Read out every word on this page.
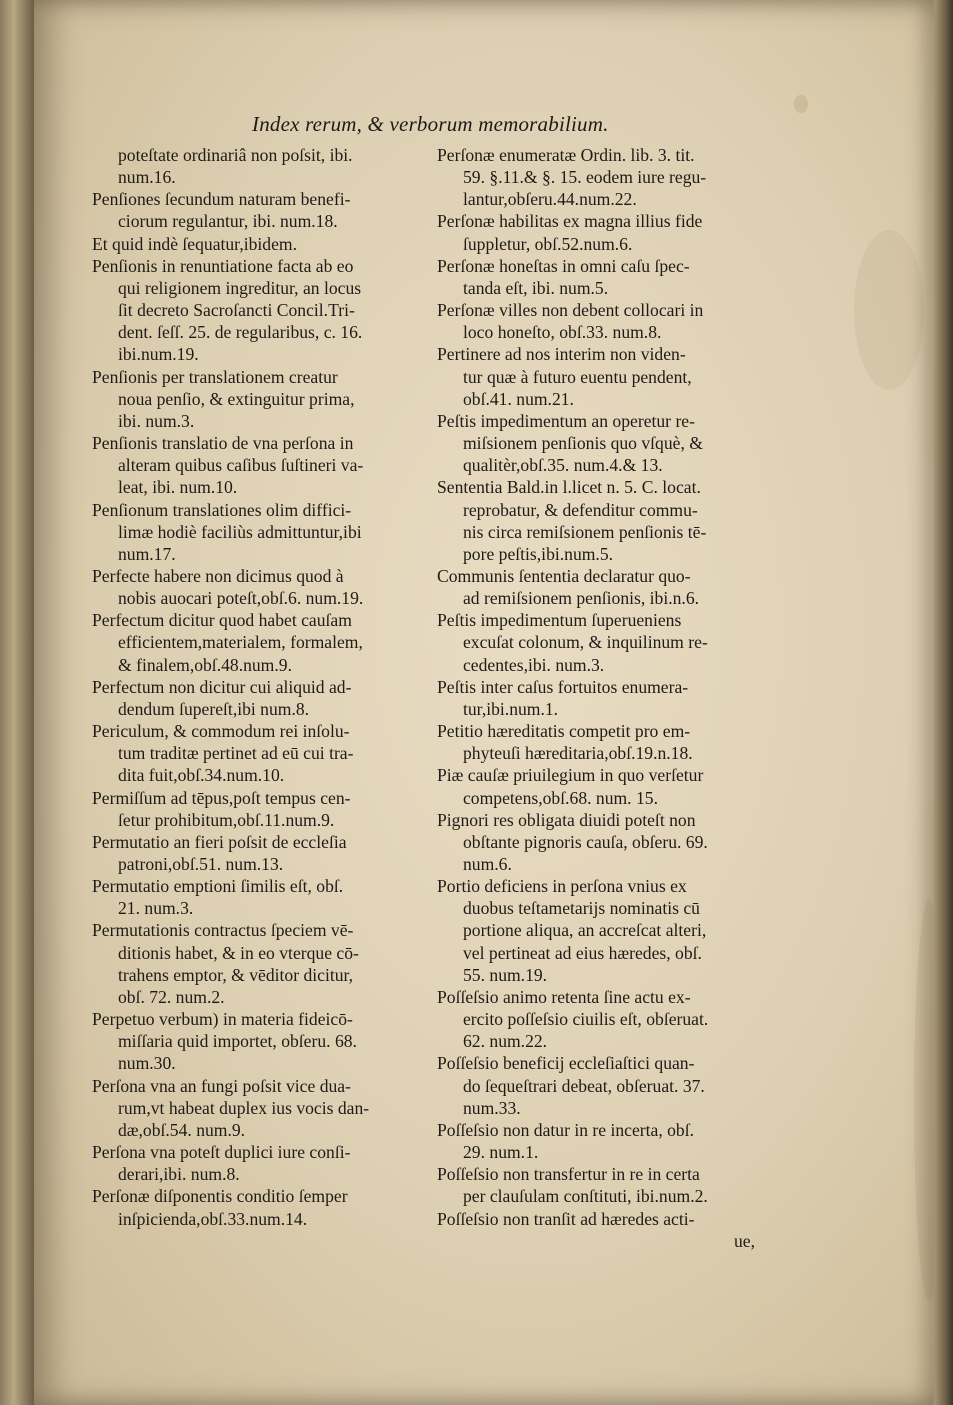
Index rerum, & verborum memorabilium.
poteſtate ordinariâ non poſsit, ibi.
num.16.
Penſiones ſecundum naturam benefi-
ciorum regulantur, ibi. num.18.
Et quid indè ſequatur,ibidem.
Penſionis in renuntiatione facta ab eo
qui religionem ingreditur, an locus
ſit decreto Sacroſancti Concil.Tri-
dent. ſeſſ. 25. de regularibus, c. 16.
ibi.num.19.
Penſionis per translationem creatur
noua penſio, & extinguitur prima,
ibi. num.3.
Penſionis translatio de vna perſona in
alteram quibus caſibus ſuſtineri va-
leat, ibi. num.10.
Penſionum translationes olim diffici-
limæ hodiè faciliùs admittuntur,ibi
num.17.
Perfecte habere non dicimus quod à
nobis auocari poteſt,obſ.6. num.19.
Perfectum dicitur quod habet cauſam
efficientem,materialem, formalem,
& finalem,obſ.48.num.9.
Perfectum non dicitur cui aliquid ad-
dendum ſupereſt,ibi num.8.
Periculum, & commodum rei inſolu-
tum traditæ pertinet ad eū cui tra-
dita fuit,obſ.34.num.10.
Permiſſum ad tēpus,poſt tempus cen-
ſetur prohibitum,obſ.11.num.9.
Permutatio an fieri poſsit de eccleſia
patroni,obſ.51. num.13.
Permutatio emptioni ſimilis eſt, obſ.
21. num.3.
Permutationis contractus ſpeciem vē-
ditionis habet, & in eo vterque cō-
trahens emptor, & vēditor dicitur,
obſ. 72. num.2.
Perpetuo verbum) in materia fideicō-
miſſaria quid importet, obſeru. 68.
num.30.
Perſona vna an fungi poſsit vice dua-
rum,vt habeat duplex ius vocis dan-
dæ,obſ.54. num.9.
Perſona vna poteſt duplici iure conſi-
derari,ibi. num.8.
Perſonæ diſponentis conditio ſemper
inſpicienda,obſ.33.num.14.
Perſonæ enumeratæ Ordin. lib. 3. tit.
59. §.11.& §. 15. eodem iure regu-
lantur,obſeru.44.num.22.
Perſonæ habilitas ex magna illius fide
ſuppletur, obſ.52.num.6.
Perſonæ honeſtas in omni caſu ſpec-
tanda eſt, ibi. num.5.
Perſonæ villes non debent collocari in
loco honeſto, obſ.33. num.8.
Pertinere ad nos interim non viden-
tur quæ à futuro euentu pendent,
obſ.41. num.21.
Peſtis impedimentum an operetur re-
miſsionem penſionis quo vſquè, &
qualitèr,obſ.35. num.4.& 13.
Sententia Bald.in l.licet n. 5. C. locat.
reprobatur, & defenditur commu-
nis circa remiſsionem penſionis tē-
pore peſtis,ibi.num.5.
Communis ſententia declaratur quo-
ad remiſsionem penſionis, ibi.n.6.
Peſtis impedimentum ſuperueniens
excuſat colonum, & inquilinum re-
cedentes,ibi. num.3.
Peſtis inter caſus fortuitos enumera-
tur,ibi.num.1.
Petitio hæreditatis competit pro em-
phyteuſi hæreditaria,obſ.19.n.18.
Piæ cauſæ priuilegium in quo verſetur
competens,obſ.68. num. 15.
Pignori res obligata diuidi poteſt non
obſtante pignoris cauſa, obſeru. 69.
num.6.
Portio deficiens in perſona vnius ex
duobus teſtametarijs nominatis cū
portione aliqua, an accreſcat alteri,
vel pertineat ad eius hæredes, obſ.
55. num.19.
Poſſeſsio animo retenta ſine actu ex-
ercito poſſeſsio ciuilis eſt, obſeruat.
62. num.22.
Poſſeſsio beneficij eccleſiaſtici quan-
do ſequeſtrari debeat, obſeruat. 37.
num.33.
Poſſeſsio non datur in re incerta, obſ.
29. num.1.
Poſſeſsio non transfertur in re in certa
per clauſulam conſtituti, ibi.num.2.
Poſſeſsio non tranſit ad hæredes acti-
ue,
